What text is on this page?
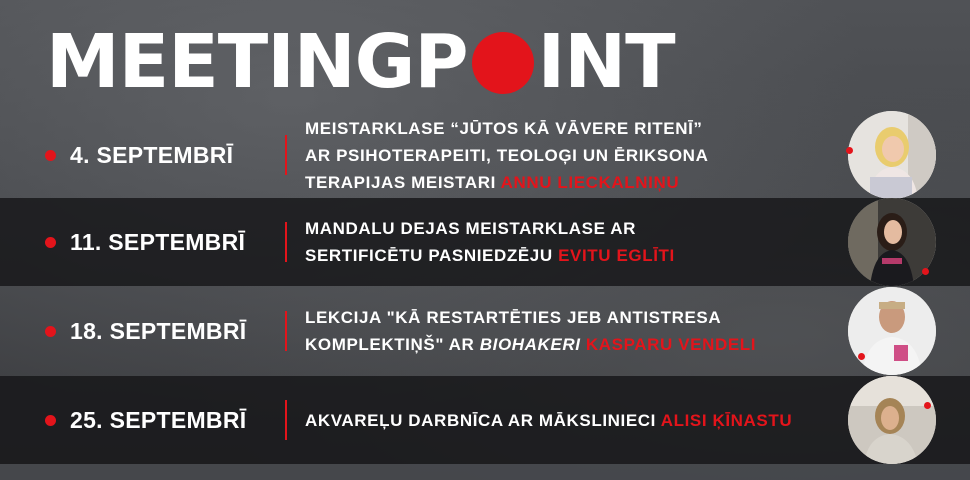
MEETINGP INT
4. SEPTEMBRĪ
MEISTARKLASE “JŪTOS KĀ VĀVERE RITENĪ”
AR PSIHOTERAPEITI, TEOLOĢI UN ĒRIKSONA
TERAPIJAS MEISTARI ANNU LIECKALNIŅU
11. SEPTEMBRĪ	MANDALU DEJAS MEISTARKLASE AR
SERTIFICĒTU PASNIEDZĒJU EVITU EGLĪTI
18. SEPTEMBRĪ	LEKCIJA "KĀ RESTARTĒTIES JEB ANTISTRESA
KOMPLEKTIŅŠ" AR BIOHAKERI KASPARU VENDELI
25. SEPTEMBRĪ	AKVAREĻU DARBNĪCA AR MĀKSLINIECI ALISI ĶĪNASTU
